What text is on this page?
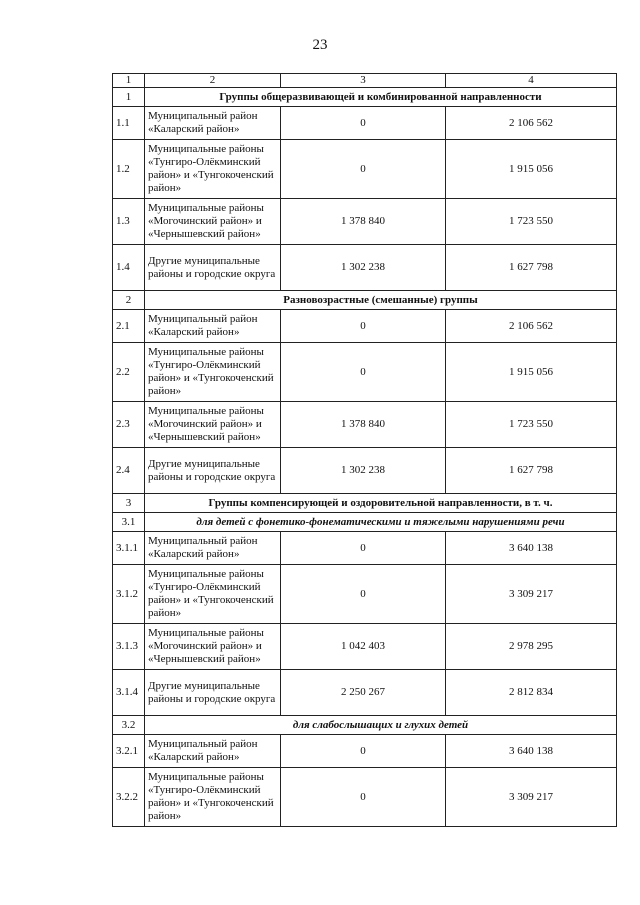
23
1	2	3	4
1	Группы общеразвивающей и комбинированной направленности		
1.1	Муниципальный район «Каларский район»	0	2 106 562
1.2	Муниципальные районы «Тунгиро-Олёкминский район» и «Тунгокоченский район»	0	1 915 056
1.3	Муниципальные районы «Могочинский район» и «Чернышевский район»	1 378 840	1 723 550
1.4	Другие муниципальные районы и городские округа	1 302 238	1 627 798
2	Разновозрастные (смешанные) группы		
2.1	Муниципальный район «Каларский район»	0	2 106 562
2.2	Муниципальные районы «Тунгиро-Олёкминский район» и «Тунгокоченский район»	0	1 915 056
2.3	Муниципальные районы «Могочинский район» и «Чернышевский район»	1 378 840	1 723 550
2.4	Другие муниципальные районы и городские округа	1 302 238	1 627 798
3	Группы компенсирующей и оздоровительной направленности, в т. ч.		
3.1	для детей с фонетико-фонематическими и тяжелыми нарушениями речи		
3.1.1	Муниципальный район «Каларский район»	0	3 640 138
3.1.2	Муниципальные районы «Тунгиро-Олёкминский район» и «Тунгокоченский район»	0	3 309 217
3.1.3	Муниципальные районы «Могочинский район» и «Чернышевский район»	1 042 403	2 978 295
3.1.4	Другие муниципальные районы и городские округа	2 250 267	2 812 834
3.2	для слабослышащих и глухих детей		
3.2.1	Муниципальный район «Каларский район»	0	3 640 138
3.2.2	Муниципальные районы «Тунгиро-Олёкминский район» и «Тунгокоченский район»	0	3 309 217
